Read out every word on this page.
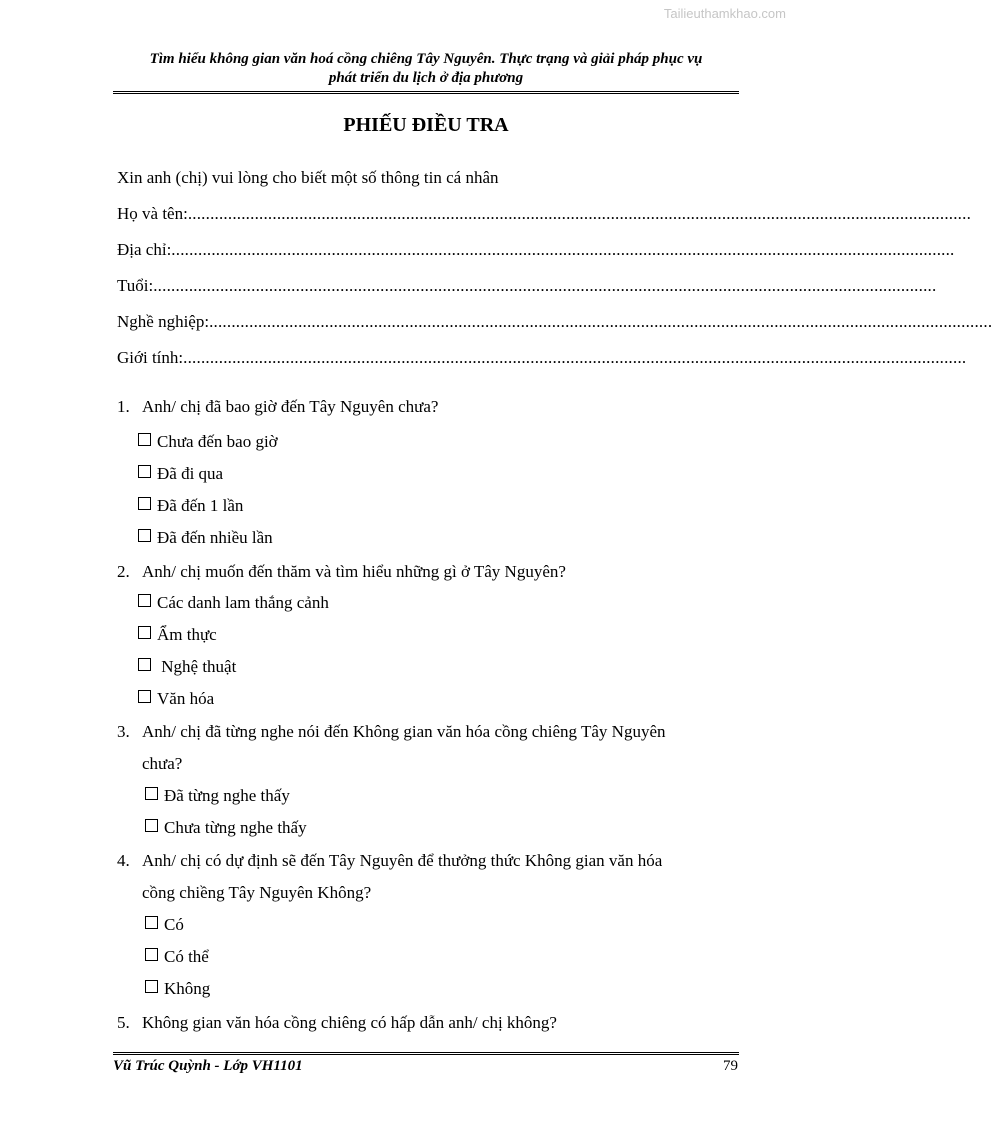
Tailieuthamkhao.com
Tìm hiểu không gian văn hoá cồng chiêng Tây Nguyên. Thực trạng và giải pháp phục vụ
phát triển du lịch ở địa phương
PHIẾU ĐIỀU TRA
Xin anh (chị) vui lòng cho biết một số thông tin cá nhân
Họ và tên: ................................................................................................................................................................................
Địa chỉ: ................................................................................................................................................................................
Tuổi: ................................................................................................................................................................................
Nghề nghiệp: ................................................................................................................................................................................
Giới tính: ................................................................................................................................................................................
1. Anh/ chị đã bao giờ đến Tây Nguyên chưa?
Chưa đến bao giờ
Đã đi qua
Đã đến 1 lần
Đã đến nhiều lần
2. Anh/ chị muốn đến thăm và tìm hiểu những gì ở Tây Nguyên?
Các danh lam thắng cảnh
Ẩm thực
Nghệ thuật
Văn hóa
3. Anh/ chị đã từng nghe nói đến Không gian văn hóa cồng chiêng Tây Nguyên
chưa?
Đã từng nghe thấy
Chưa từng nghe thấy
4. Anh/ chị có dự định sẽ đến Tây Nguyên để thưởng thức Không gian văn hóa
cồng chiềng Tây Nguyên Không?
Có
Có thể
Không
5. Không gian văn hóa cồng chiêng có hấp dẫn anh/ chị không?
Vũ Trúc Quỳnh - Lớp VH1101	79
